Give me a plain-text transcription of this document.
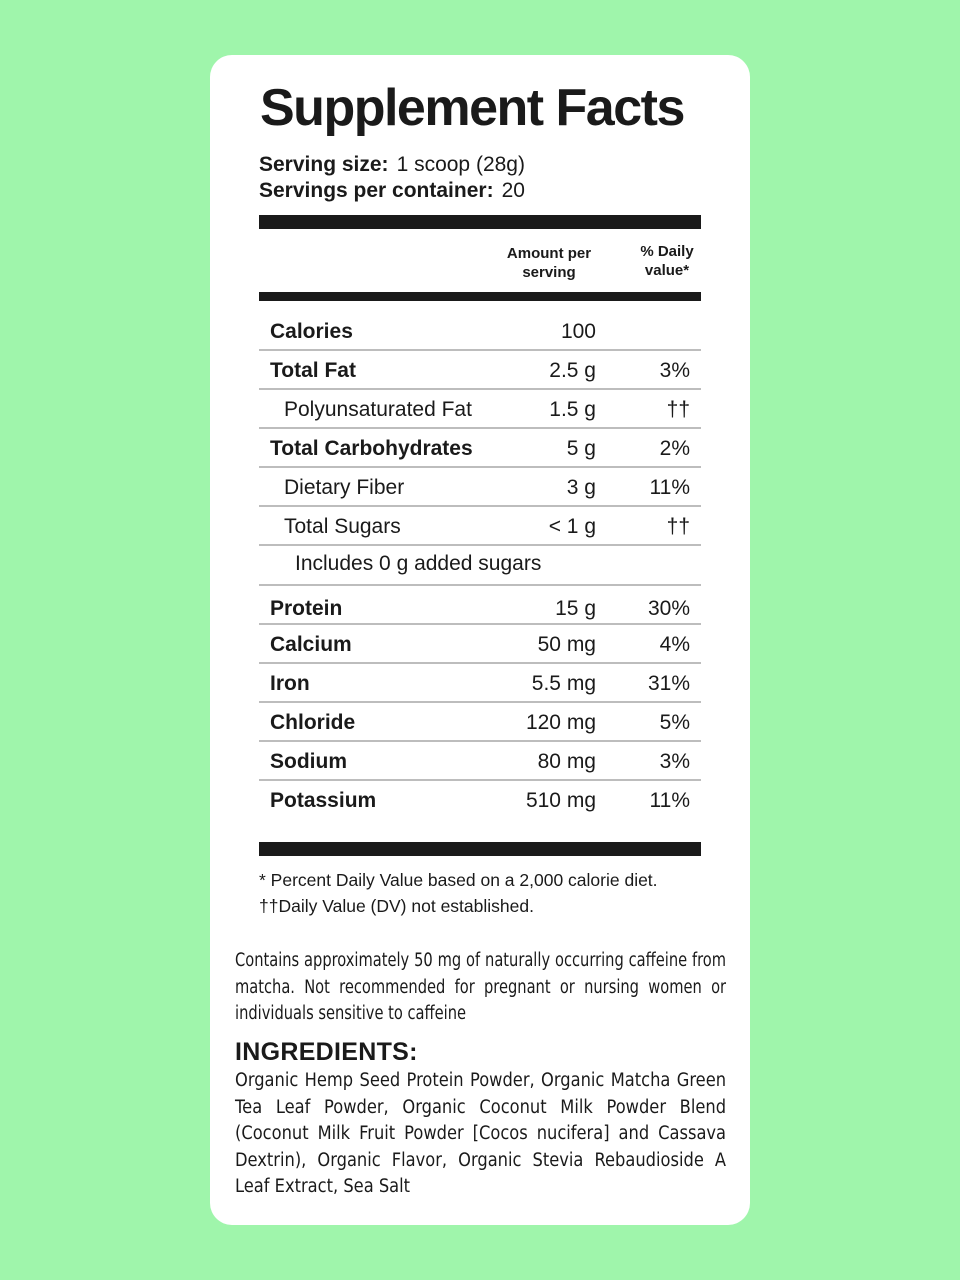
Supplement Facts
Serving size: 1 scoop (28g)
Servings per container: 20
Amount per
serving
% Daily
value*
Calories	100
Total Fat	2.5 g	3%
Polyunsaturated Fat	1.5 g	††
Total Carbohydrates	5 g	2%
Dietary Fiber	3 g	11%
Total Sugars	< 1 g	††
Includes 0 g added sugars
Protein	15 g 30%
Calcium	50 mg	4%
Iron	5.5 mg 31%
Chloride	120 mg	5%
Sodium	80 mg	3%
Potassium	510 mg	11%
* Percent Daily Value based on a 2,000 calorie diet.
††Daily Value (DV) not established.
Contains approximately 50 mg of naturally occurring caffeine from matcha. Not recommended for pregnant or nursing women or individuals sensitive to caffeine
INGREDIENTS:
Organic Hemp Seed Protein Powder, Organic Matcha Green Tea Leaf Powder, Organic Coconut Milk Powder Blend (Coconut Milk Fruit Powder [Cocos nucifera] and Cassava Dextrin), Organic Flavor, Organic Stevia Rebaudioside A Leaf Extract, Sea Salt
